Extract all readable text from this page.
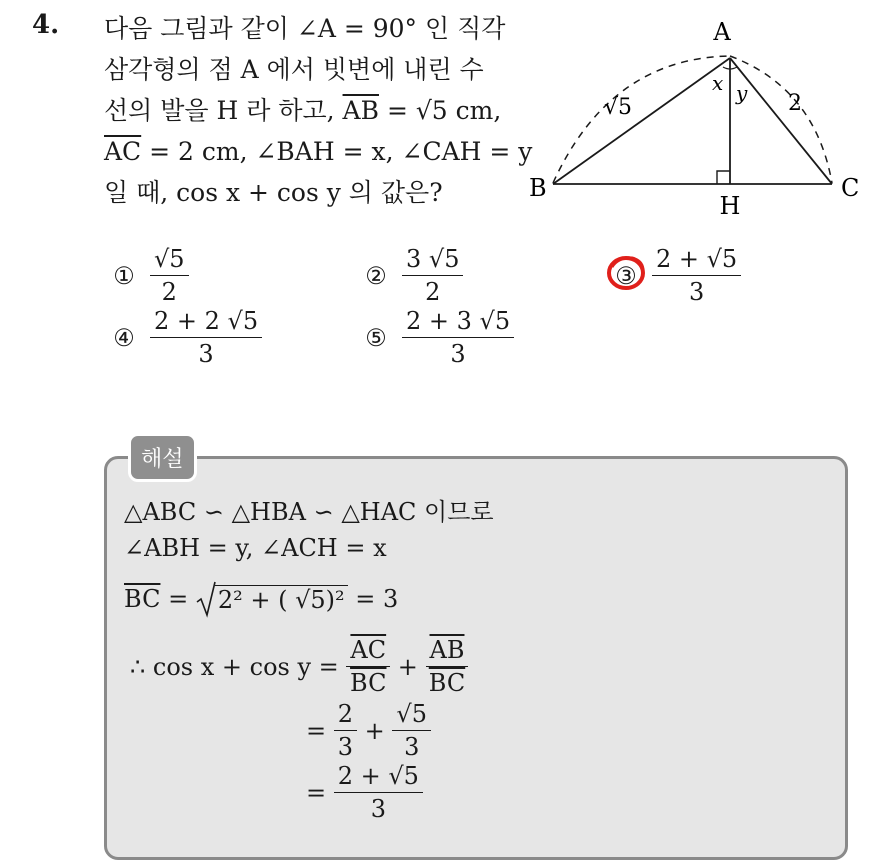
4. 다음 그림과 같이 ∠A = 90° 인 직각
삼각형의 점 A 에서 빗변에 내린 수
선의 발을 H 라 하고, $\overline{AB} = √5$ cm,
$\overline{AC} = 2$ cm, ∠BAH = x, ∠CAH = y
일 때, cos x + cos y 의 값은?
A
B	C
H
x y
√5	2
① $\frac{√5}{2}$	② $\frac{3 √5}{2}$	③ $\frac{2 + √5}{3}$
④ $\frac{2 + 2 √5}{3}$	⑤ $\frac{2 + 3 √5}{3}$
해설
△ABC ∽ △HBA ∽ △HAC 이므로
∠ABH = y, ∠ACH = x
$\overline{BC}$
=
2² + ( √5)²
= 3
∴ cos x + cos y =
$\frac{\overline{AC}}{BC}$
+
$\frac{\overline{AB}}{BC}$
=
$\frac{2}{3}$
+
$\frac{√5}{3}$
=
$\frac{2 + √5}{3}$
